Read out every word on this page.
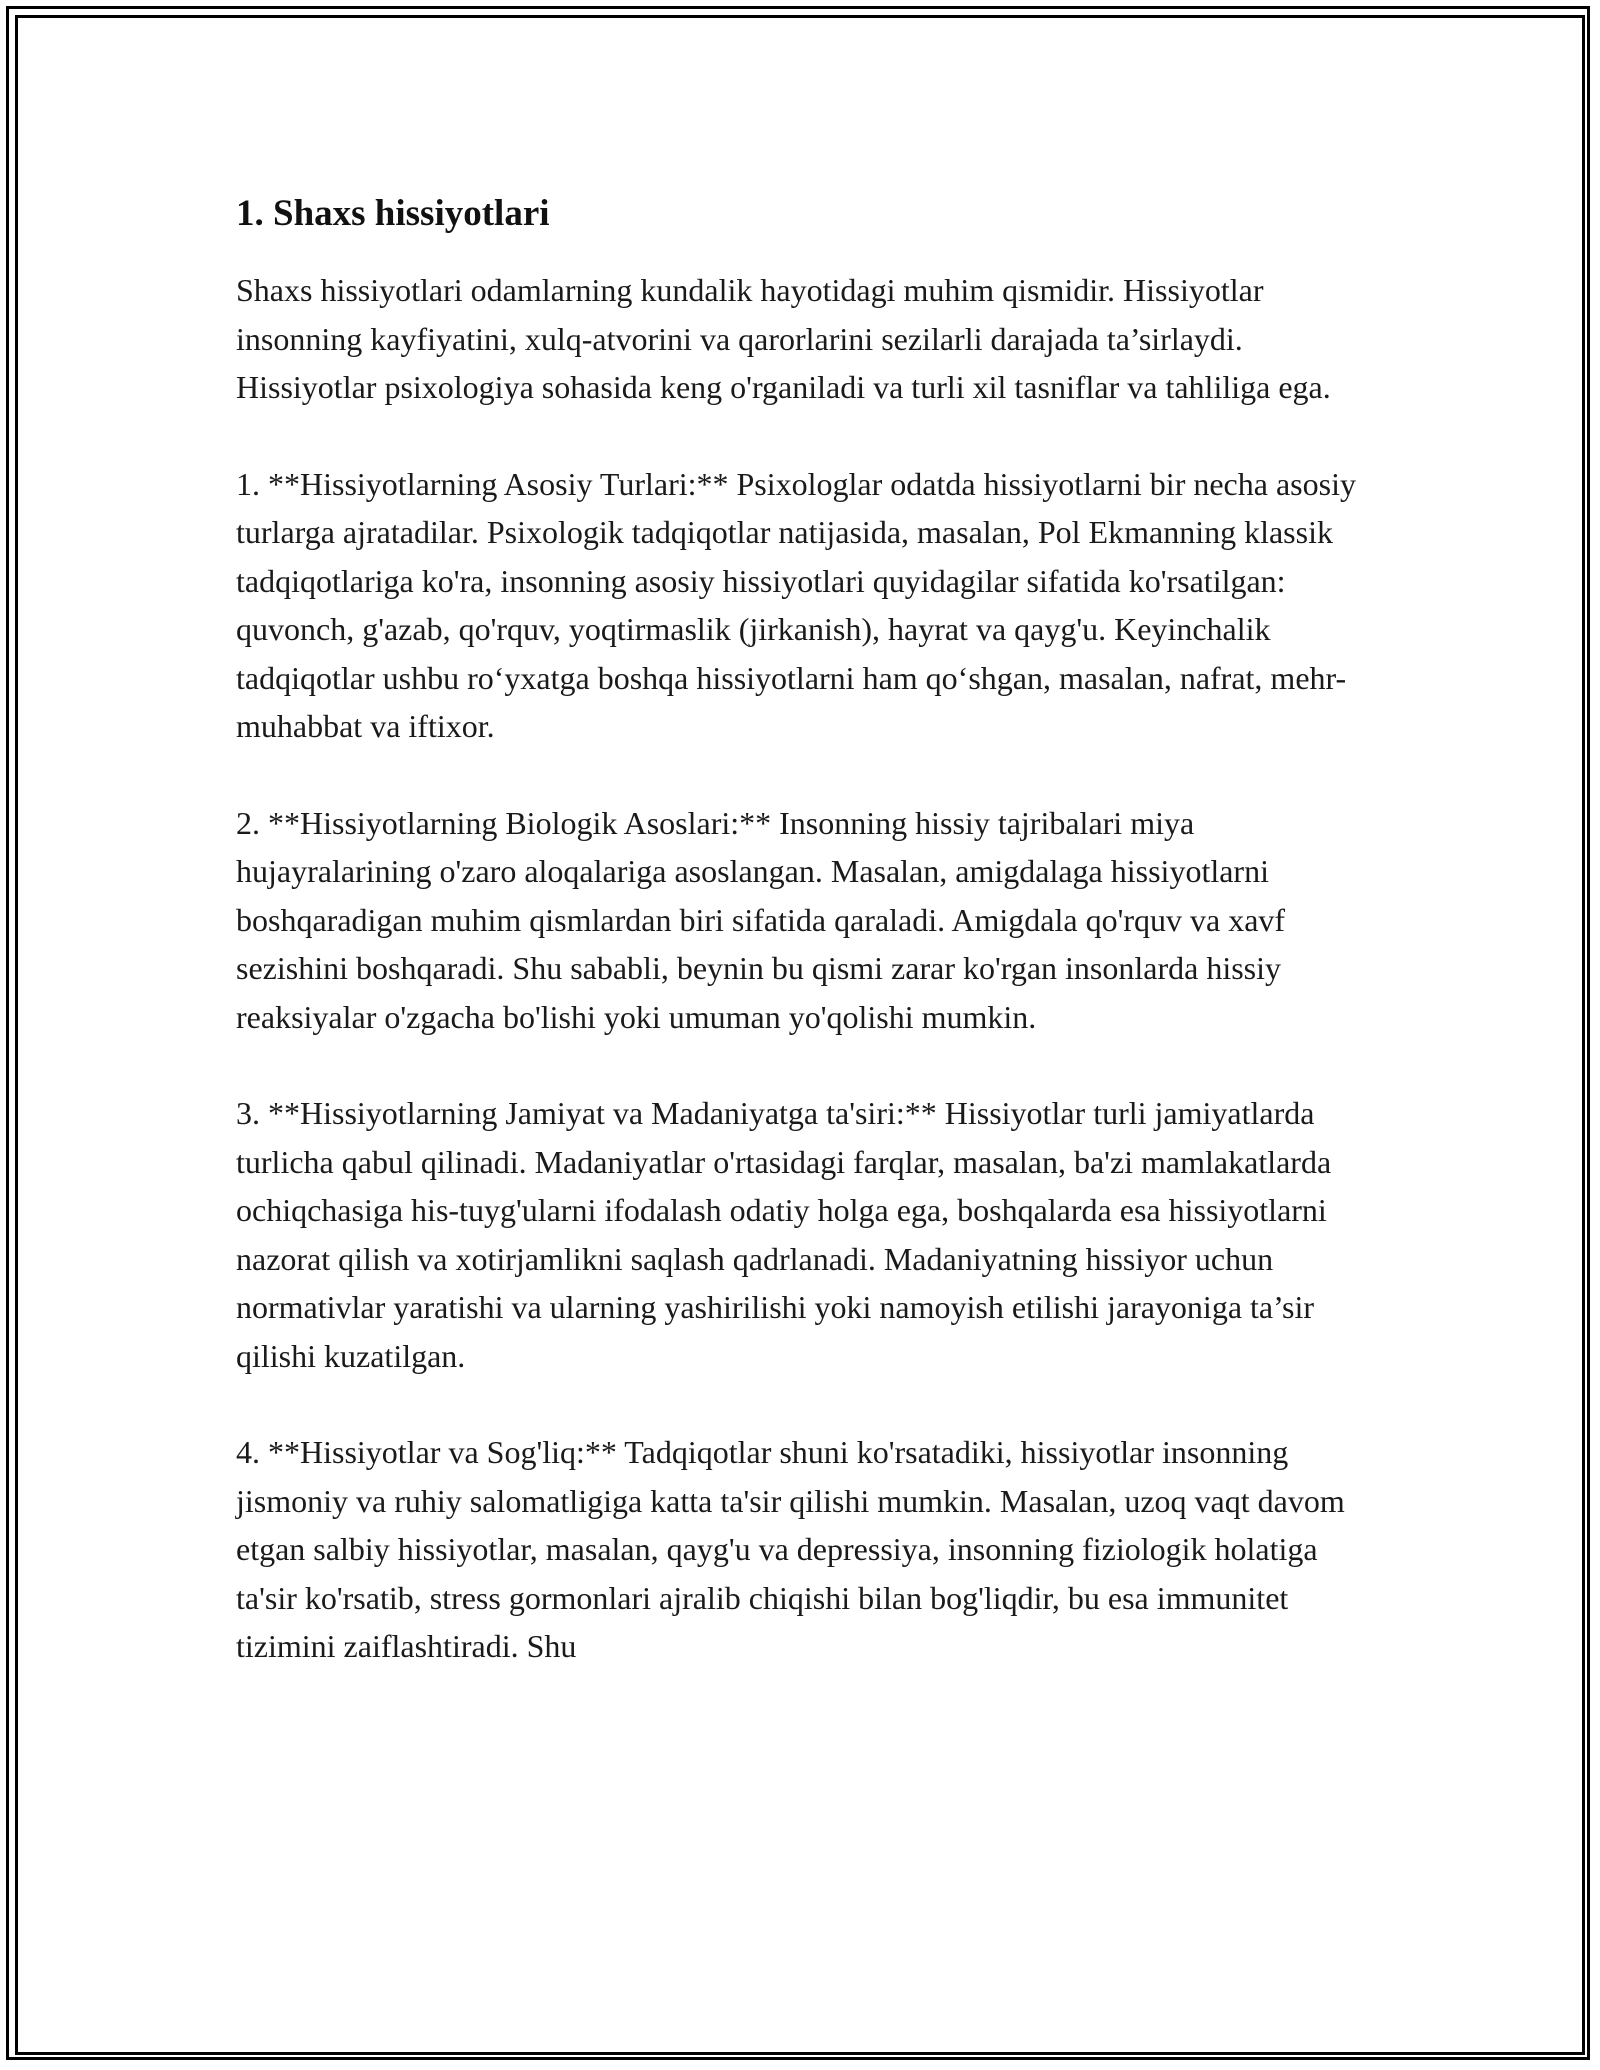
1. Shaxs hissiyotlari

Shaxs hissiyotlari odamlarning kundalik hayotidagi muhim qismidir. Hissiyotlar insonning kayfiyatini, xulq-atvorini va qarorlarini sezilarli darajada ta’sirlaydi. Hissiyotlar psixologiya sohasida keng o'rganiladi va turli xil tasniflar va tahliliga ega.

1. **Hissiyotlarning Asosiy Turlari:** Psixologlar odatda hissiyotlarni bir necha asosiy turlarga ajratadilar. Psixologik tadqiqotlar natijasida, masalan, Pol Ekmanning klassik tadqiqotlariga ko'ra, insonning asosiy hissiyotlari quyidagilar sifatida ko'rsatilgan: quvonch, g'azab, qo'rquv, yoqtirmaslik (jirkanish), hayrat va qayg'u. Keyinchalik tadqiqotlar ushbu ro‘yxatga boshqa hissiyotlarni ham qo‘shgan, masalan, nafrat, mehr-muhabbat va iftixor.

2. **Hissiyotlarning Biologik Asoslari:** Insonning hissiy tajribalari miya hujayralarining o'zaro aloqalariga asoslangan. Masalan, amigdalaga hissiyotlarni boshqaradigan muhim qismlardan biri sifatida qaraladi. Amigdala qo'rquv va xavf sezishini boshqaradi. Shu sababli, beynin bu qismi zarar ko'rgan insonlarda hissiy reaksiyalar o'zgacha bo'lishi yoki umuman yo'qolishi mumkin.

3. **Hissiyotlarning Jamiyat va Madaniyatga ta'siri:** Hissiyotlar turli jamiyatlarda turlicha qabul qilinadi. Madaniyatlar o'rtasidagi farqlar, masalan, ba'zi mamlakatlarda ochiqchasiga his-tuyg'ularni ifodalash odatiy holga ega, boshqalarda esa hissiyotlarni nazorat qilish va xotirjamlikni saqlash qadrlanadi. Madaniyatning hissiyor uchun normativlar yaratishi va ularning yashirilishi yoki namoyish etilishi jarayoniga ta’sir qilishi kuzatilgan.

4. **Hissiyotlar va Sog'liq:** Tadqiqotlar shuni ko'rsatadiki, hissiyotlar insonning jismoniy va ruhiy salomatligiga katta ta'sir qilishi mumkin. Masalan, uzoq vaqt davom etgan salbiy hissiyotlar, masalan, qayg'u va depressiya, insonning fiziologik holatiga ta'sir ko'rsatib, stress gormonlari ajralib chiqishi bilan bog'liqdir, bu esa immunitet tizimini zaiflashtiradi. Shu
